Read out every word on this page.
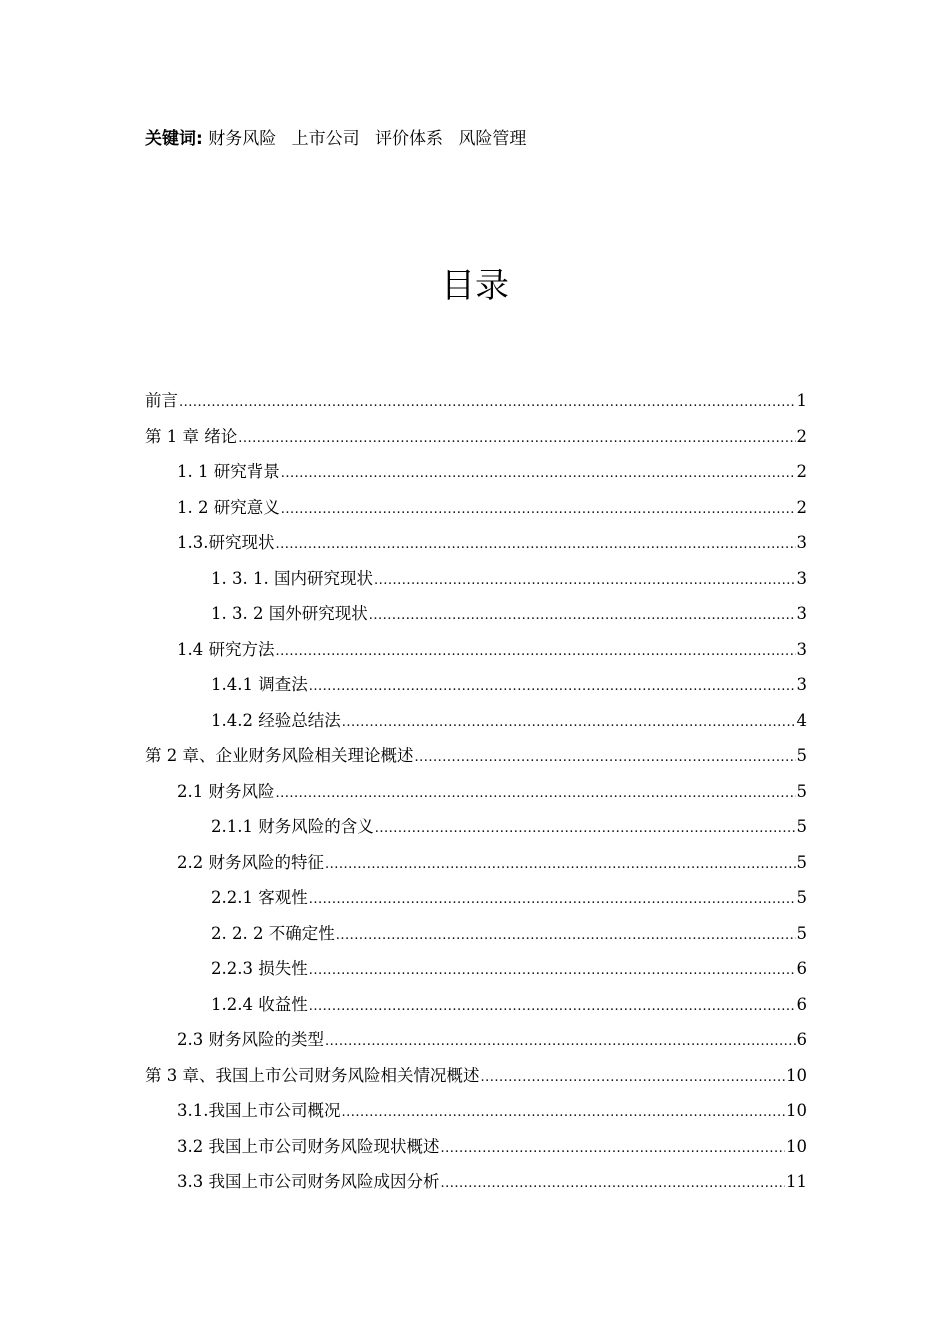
关键词: 财务风险 上市公司 评价体系 风险管理
目录
前言 .....	1
第 1 章 绪论 .....	2
1. 1 研究背景 .....	2
1. 2 研究意义 .....	2
1.3.研究现状 .....	3
1. 3. 1. 国内研究现状 .....	3
1. 3. 2 国外研究现状 .....	3
1.4 研究方法 .....	3
1.4.1 调查法 .....	3
1.4.2 经验总结法 .....	4
第 2 章、企业财务风险相关理论概述 .....	5
2.1 财务风险 .....	5
2.1.1 财务风险的含义 .....	5
2.2 财务风险的特征 .....	5
2.2.1 客观性 .....	5
2. 2. 2 不确定性 .....	5
2.2.3 损失性 .....	6
1.2.4 收益性 .....	6
2.3 财务风险的类型 .....	6
第 3 章、我国上市公司财务风险相关情况概述 .....	10
3.1.我国上市公司概况 .....	10
3.2 我国上市公司财务风险现状概述 .....	10
3.3 我国上市公司财务风险成因分析 .....	11
